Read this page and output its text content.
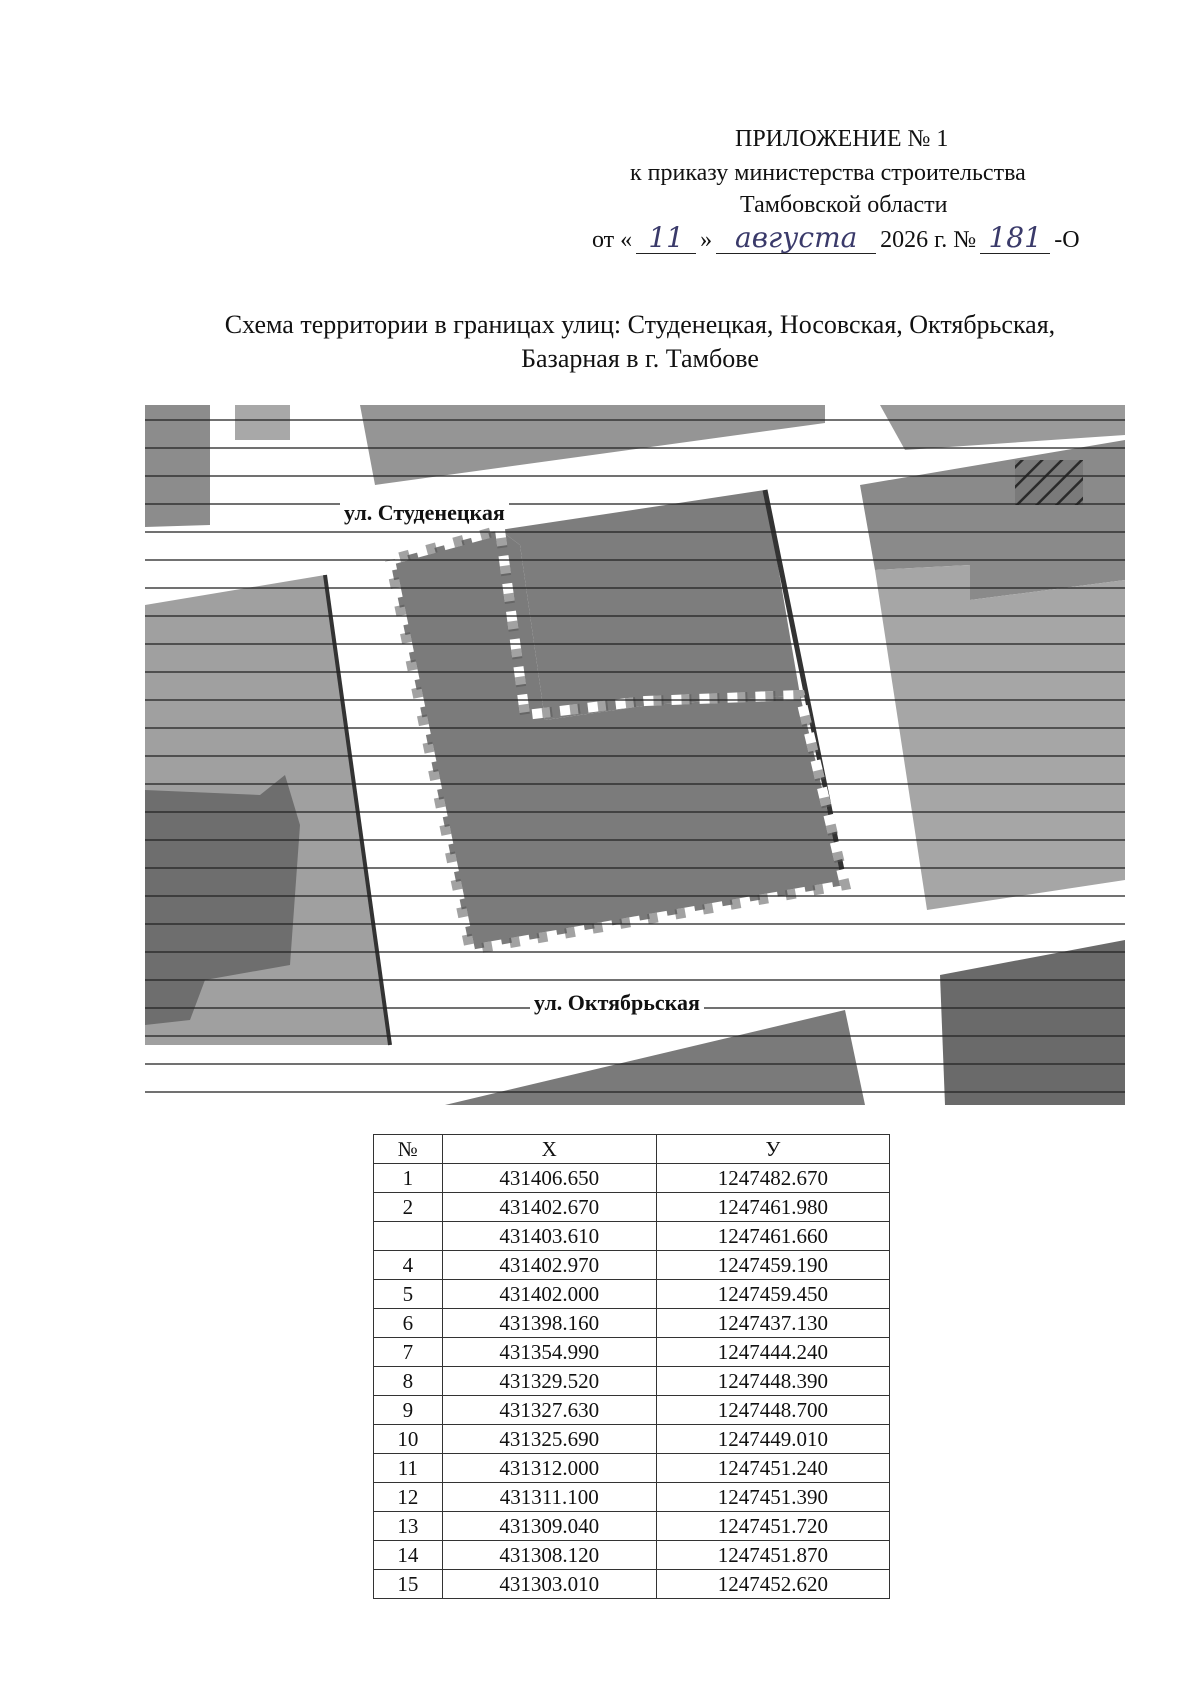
ПРИЛОЖЕНИЕ № 1
к приказу министерства строительства
Тамбовской области
от « 11 » августа 2026 г. № 181 -О
Схема территории в границах улиц: Студенецкая, Носовская, Октябрьская,
Базарная в г. Тамбове
ул. Студенецкая
ул. Октябрьская
№	X	У
1	431406.650	1247482.670
2	431402.670	1247461.980
	431403.610	1247461.660
4	431402.970	1247459.190
5	431402.000	1247459.450
6	431398.160	1247437.130
7	431354.990	1247444.240
8	431329.520	1247448.390
9	431327.630	1247448.700
10	431325.690	1247449.010
11	431312.000	1247451.240
12	431311.100	1247451.390
13	431309.040	1247451.720
14	431308.120	1247451.870
15	431303.010	1247452.620
